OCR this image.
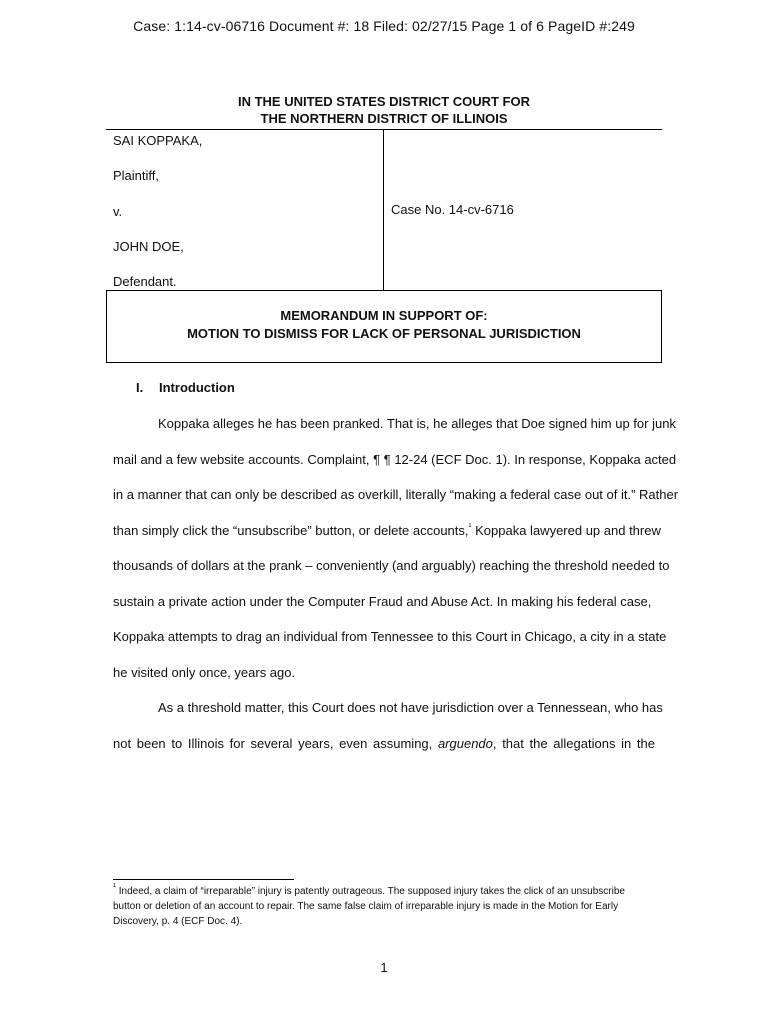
Case: 1:14-cv-06716 Document #: 18 Filed: 02/27/15 Page 1 of 6 PageID #:249
IN THE UNITED STATES DISTRICT COURT FOR
THE NORTHERN DISTRICT OF ILLINOIS
SAI KOPPAKA,
Plaintiff,
v.
JOHN DOE,
Defendant.
Case No. 14-cv-6716
MEMORANDUM IN SUPPORT OF:
MOTION TO DISMISS FOR LACK OF PERSONAL JURISDICTION
I. Introduction
Koppaka alleges he has been pranked. That is, he alleges that Doe signed him up for junk
mail and a few website accounts. Complaint, ¶ ¶ 12-24 (ECF Doc. 1). In response, Koppaka acted
in a manner that can only be described as overkill, literally “making a federal case out of it.” Rather
than simply click the “unsubscribe” button, or delete accounts,$^{^1}$ Koppaka lawyered up and threw
thousands of dollars at the prank – conveniently (and arguably) reaching the threshold needed to
sustain a private action under the Computer Fraud and Abuse Act. In making his federal case,
Koppaka attempts to drag an individual from Tennessee to this Court in Chicago, a city in a state
he visited only once, years ago.
As a threshold matter, this Court does not have jurisdiction over a Tennessean, who has
not been to Illinois for several years, even assuming, arguendo, that the allegations in the
$^{^1}$ Indeed, a claim of “irreparable” injury is patently outrageous. The supposed injury takes the click of an unsubscribe
button or deletion of an account to repair. The same false claim of irreparable injury is made in the Motion for Early
Discovery, p. 4 (ECF Doc. 4).
1
